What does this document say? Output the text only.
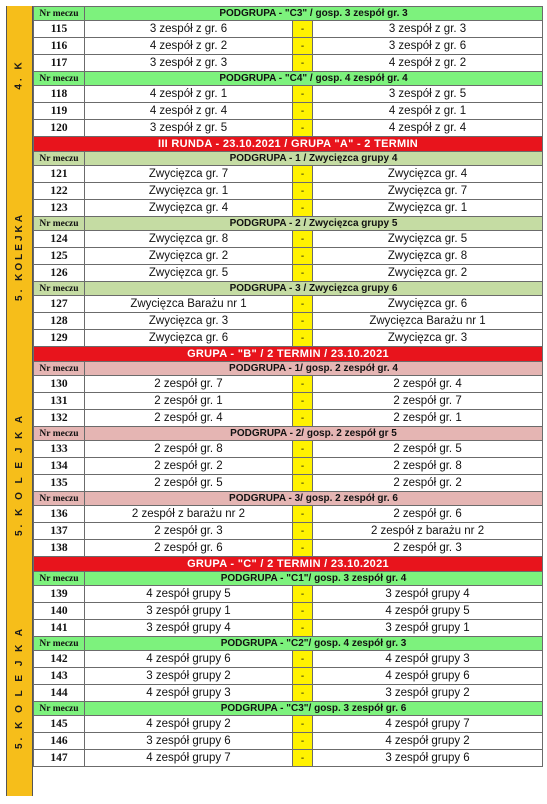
4. K
5. KOLEJKA
5. K O L E J K A
5. K O L E J K A
Nr meczu	PODGRUPA - "C3" / gosp. 3 zespół gr. 3		
115	3 zespół z gr. 6	-	3 zespół z gr. 3
116	4 zespół z gr. 2	-	3 zespół z gr. 6
117	3 zespół z gr. 3	-	4 zespół z gr. 2
Nr meczu	PODGRUPA - "C4" / gosp. 4 zespół gr. 4		
118	4 zespół z gr. 1	-	3 zespół z gr. 5
119	4 zespół z gr. 4	-	4 zespół z gr. 1
120	3 zespół z gr. 5	-	4 zespół z gr. 4
III RUNDA - 23.10.2021 / GRUPA "A" - 2 TERMIN			
Nr meczu	PODGRUPA - 1 / Zwycięzca grupy 4		
121	Zwycięzca gr. 7	-	Zwycięzca gr. 4
122	Zwycięzca gr. 1	-	Zwycięzca gr. 7
123	Zwycięzca gr. 4	-	Zwycięzca gr. 1
Nr meczu	PODGRUPA - 2 / Zwycięzca grupy 5		
124	Zwycięzca gr. 8	-	Zwycięzca gr. 5
125	Zwycięzca gr. 2	-	Zwycięzca gr. 8
126	Zwycięzca gr. 5	-	Zwycięzca gr. 2
Nr meczu	PODGRUPA - 3 / Zwycięzca grupy 6		
127	Zwycięzca Barażu nr 1	-	Zwycięzca gr. 6
128	Zwycięzca gr. 3	-	Zwycięzca Barażu nr 1
129	Zwycięzca gr. 6	-	Zwycięzca gr. 3
GRUPA - "B" / 2 TERMIN / 23.10.2021			
Nr meczu	PODGRUPA - 1/ gosp. 2 zespół gr. 4		
130	2 zespół gr. 7	-	2 zespół gr. 4
131	2 zespół gr. 1	-	2 zespół gr. 7
132	2 zespół gr. 4	-	2 zespół gr. 1
Nr meczu	PODGRUPA - 2/ gosp. 2 zespół gr 5		
133	2 zespół gr. 8	-	2 zespół gr. 5
134	2 zespół gr. 2	-	2 zespół gr. 8
135	2 zespół gr. 5	-	2 zespół gr. 2
Nr meczu	PODGRUPA - 3/ gosp. 2 zespół gr. 6		
136	2 zespół z barażu nr 2	-	2 zespół gr. 6
137	2 zespół gr. 3	-	2 zespół z barażu nr 2
138	2 zespół gr. 6	-	2 zespół gr. 3
GRUPA - "C" / 2 TERMIN / 23.10.2021			
Nr meczu	PODGRUPA - "C1"/ gosp. 3 zespół gr. 4		
139	4 zespół grupy 5	-	3 zespół grupy 4
140	3 zespół grupy 1	-	4 zespół grupy 5
141	3 zespół grupy 4	-	3 zespół grupy 1
Nr meczu	PODGRUPA - "C2"/ gosp. 4 zespół gr. 3		
142	4 zespół grupy 6	-	4 zespół grupy 3
143	3 zespół grupy 2	-	4 zespół grupy 6
144	4 zespół grupy 3	-	3 zespół grupy 2
Nr meczu	PODGRUPA - "C3"/ gosp. 3 zespół gr. 6		
145	4 zespół grupy 2	-	4 zespół grupy 7
146	3 zespół grupy 6	-	4 zespół grupy 2
147	4 zespół grupy 7	-	3 zespół grupy 6
